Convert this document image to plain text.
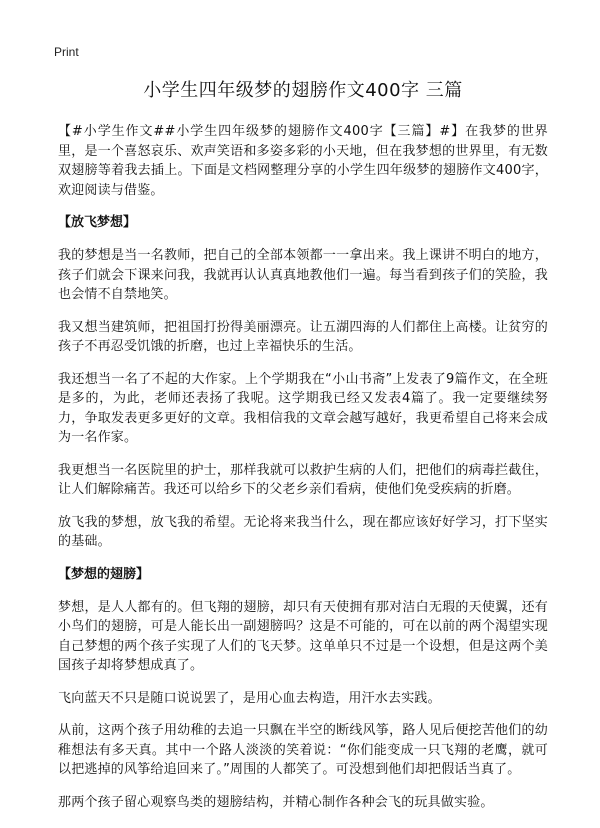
Print
小学生四年级梦的翅膀作文400字 三篇

【#小学生作文##小学生四年级梦的翅膀作文400字【三篇】#】在我梦的世界里，是一个喜怒哀乐、欢声笑语和多姿多彩的小天地，但在我梦想的世界里，有无数双翅膀等着我去插上。下面是文档网整理分享的小学生四年级梦的翅膀作文400字，欢迎阅读与借鉴。

【放飞梦想】

我的梦想是当一名教师，把自己的全部本领都一一拿出来。我上课讲不明白的地方，孩子们就会下课来问我，我就再认认真真地教他们一遍。每当看到孩子们的笑脸，我也会情不自禁地笑。

我又想当建筑师，把祖国打扮得美丽漂亮。让五湖四海的人们都住上高楼。让贫穷的孩子不再忍受饥饿的折磨，也过上幸福快乐的生活。

我还想当一名了不起的大作家。上个学期我在“小山书斋”上发表了9篇作文，在全班是多的，为此，老师还表扬了我呢。这学期我已经又发表4篇了。我一定要继续努力，争取发表更多更好的文章。我相信我的文章会越写越好，我更希望自己将来会成为一名作家。

我更想当一名医院里的护士，那样我就可以救护生病的人们，把他们的病毒拦截住，让人们解除痛苦。我还可以给乡下的父老乡亲们看病，使他们免受疾病的折磨。

放飞我的梦想，放飞我的希望。无论将来我当什么，现在都应该好好学习，打下坚实的基础。

【梦想的翅膀】

梦想，是人人都有的。但飞翔的翅膀，却只有天使拥有那对洁白无瑕的天使翼，还有小鸟们的翅膀，可是人能长出一副翅膀吗？这是不可能的，可在以前的两个渴望实现自己梦想的两个孩子实现了人们的飞天梦。这单单只不过是一个设想，但是这两个美国孩子却将梦想成真了。

飞向蓝天不只是随口说说罢了，是用心血去构造，用汗水去实践。

从前，这两个孩子用幼稚的去追一只飘在半空的断线风筝，路人见后便挖苦他们的幼稚想法有多天真。其中一个路人淡淡的笑着说：“你们能变成一只飞翔的老鹰，就可以把逃掉的风筝给追回来了。”周围的人都笑了。可没想到他们却把假话当真了。

那两个孩子留心观察鸟类的翅膀结构，并精心制作各种会飞的玩具做实验。
